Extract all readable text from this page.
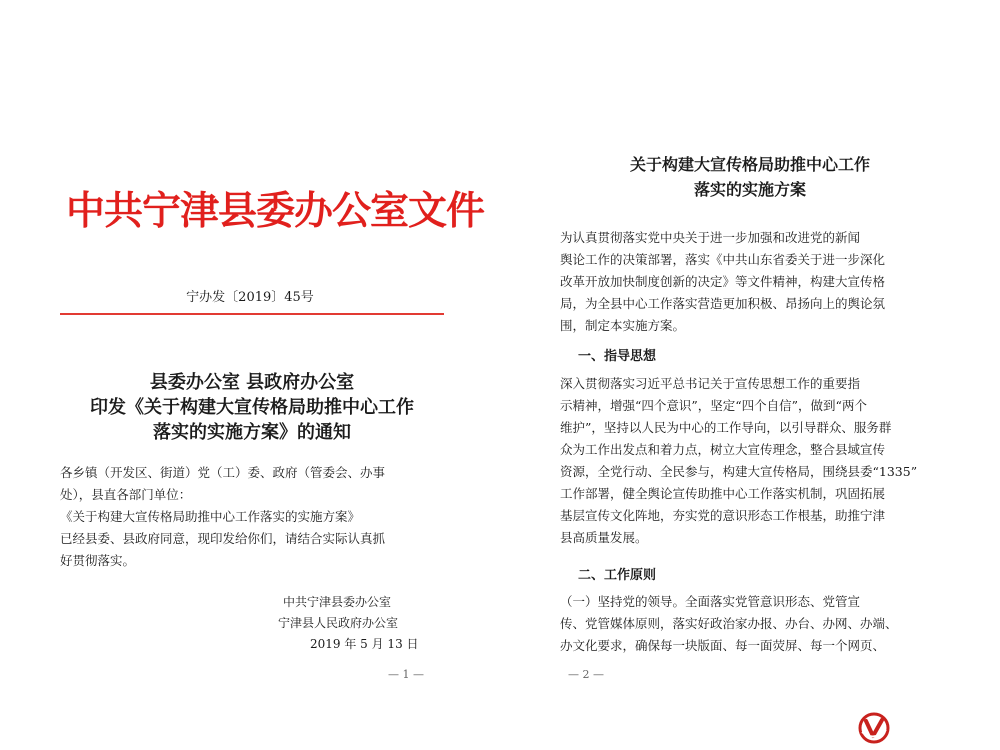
中共宁津县委办公室文件
宁办发〔2019〕45号
县委办公室 县政府办公室
印发《关于构建大宣传格局助推中心工作
落实的实施方案》的通知
各乡镇（开发区、街道）党（工）委、政府（管委会、办事
处），县直各部门单位：
《关于构建大宣传格局助推中心工作落实的实施方案》
已经县委、县政府同意，现印发给你们，请结合实际认真抓
好贯彻落实。
中共宁津县委办公室
宁津县人民政府办公室
2019 年 5 月 13 日
— 1 —
关于构建大宣传格局助推中心工作
落实的实施方案
为认真贯彻落实党中央关于进一步加强和改进党的新闻
舆论工作的决策部署，落实《中共山东省委关于进一步深化
改革开放加快制度创新的决定》等文件精神，构建大宣传格
局，为全县中心工作落实营造更加积极、昂扬向上的舆论氛
围，制定本实施方案。
一、指导思想
深入贯彻落实习近平总书记关于宣传思想工作的重要指
示精神，增强“四个意识”，坚定“四个自信”，做到“两个
维护”，坚持以人民为中心的工作导向，以引导群众、服务群
众为工作出发点和着力点，树立大宣传理念，整合县域宣传
资源，全党行动、全民参与，构建大宣传格局，围绕县委“1335”
工作部署，健全舆论宣传助推中心工作落实机制，巩固拓展
基层宣传文化阵地，夯实党的意识形态工作根基，助推宁津
县高质量发展。
二、工作原则
（一）坚持党的领导。全面落实党管意识形态、党管宣
传、党管媒体原则，落实好政治家办报、办台、办网、办端、
办文化要求，确保每一块版面、每一面荧屏、每一个网页、
— 2 —
